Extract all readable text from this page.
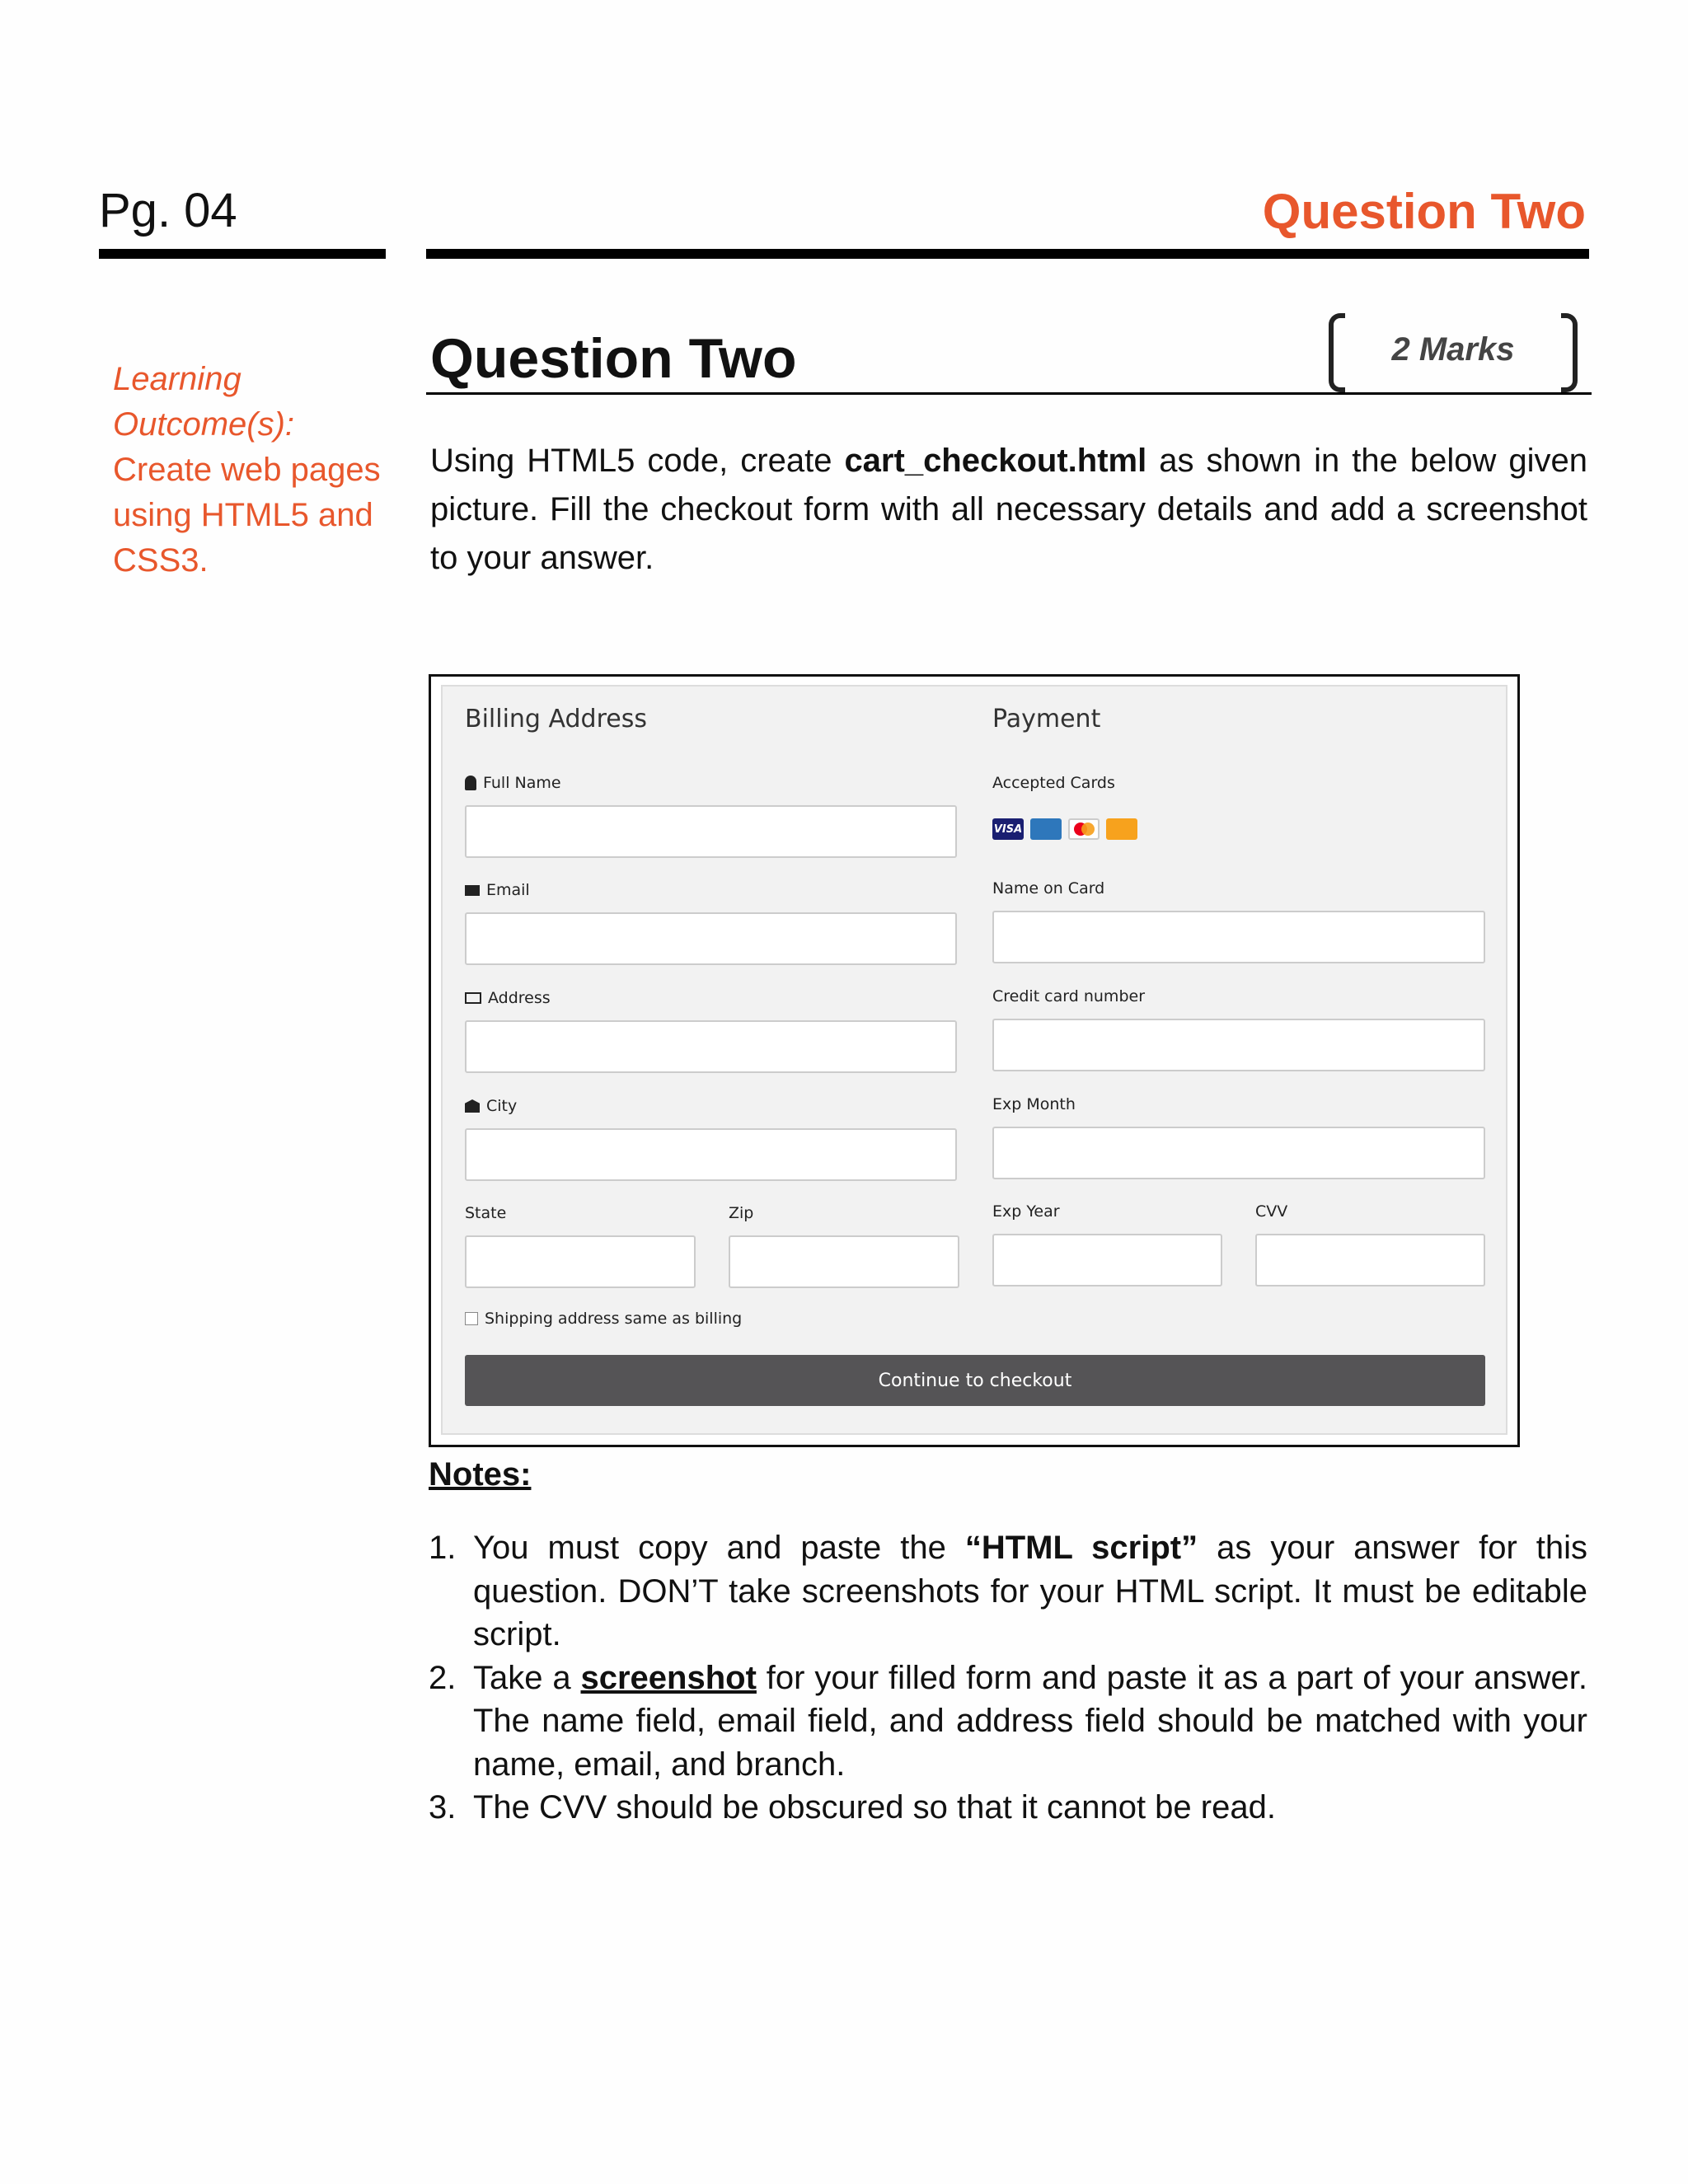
Pg. 04	Question Two
Learning Outcome(s):
Create web pages using HTML5 and CSS3.
Question Two	2 Marks
Using HTML5 code, create cart_checkout.html as shown in the below given picture. Fill the checkout form with all necessary details and add a screenshot to your answer.
Billing Address
Full Name
Email
Address
City
State	Zip
Shipping address same as billing
Payment
Accepted Cards
VISA
Name on Card
Credit card number
Exp Month
Exp Year	CVV
Continue to checkout
Notes:
1. You must copy and paste the “HTML script” as your answer for this question. DON’T take screenshots for your HTML script. It must be editable script.
2. Take a screenshot for your filled form and paste it as a part of your answer. The name field, email field, and address field should be matched with your name, email, and branch.
3. The CVV should be obscured so that it cannot be read.
